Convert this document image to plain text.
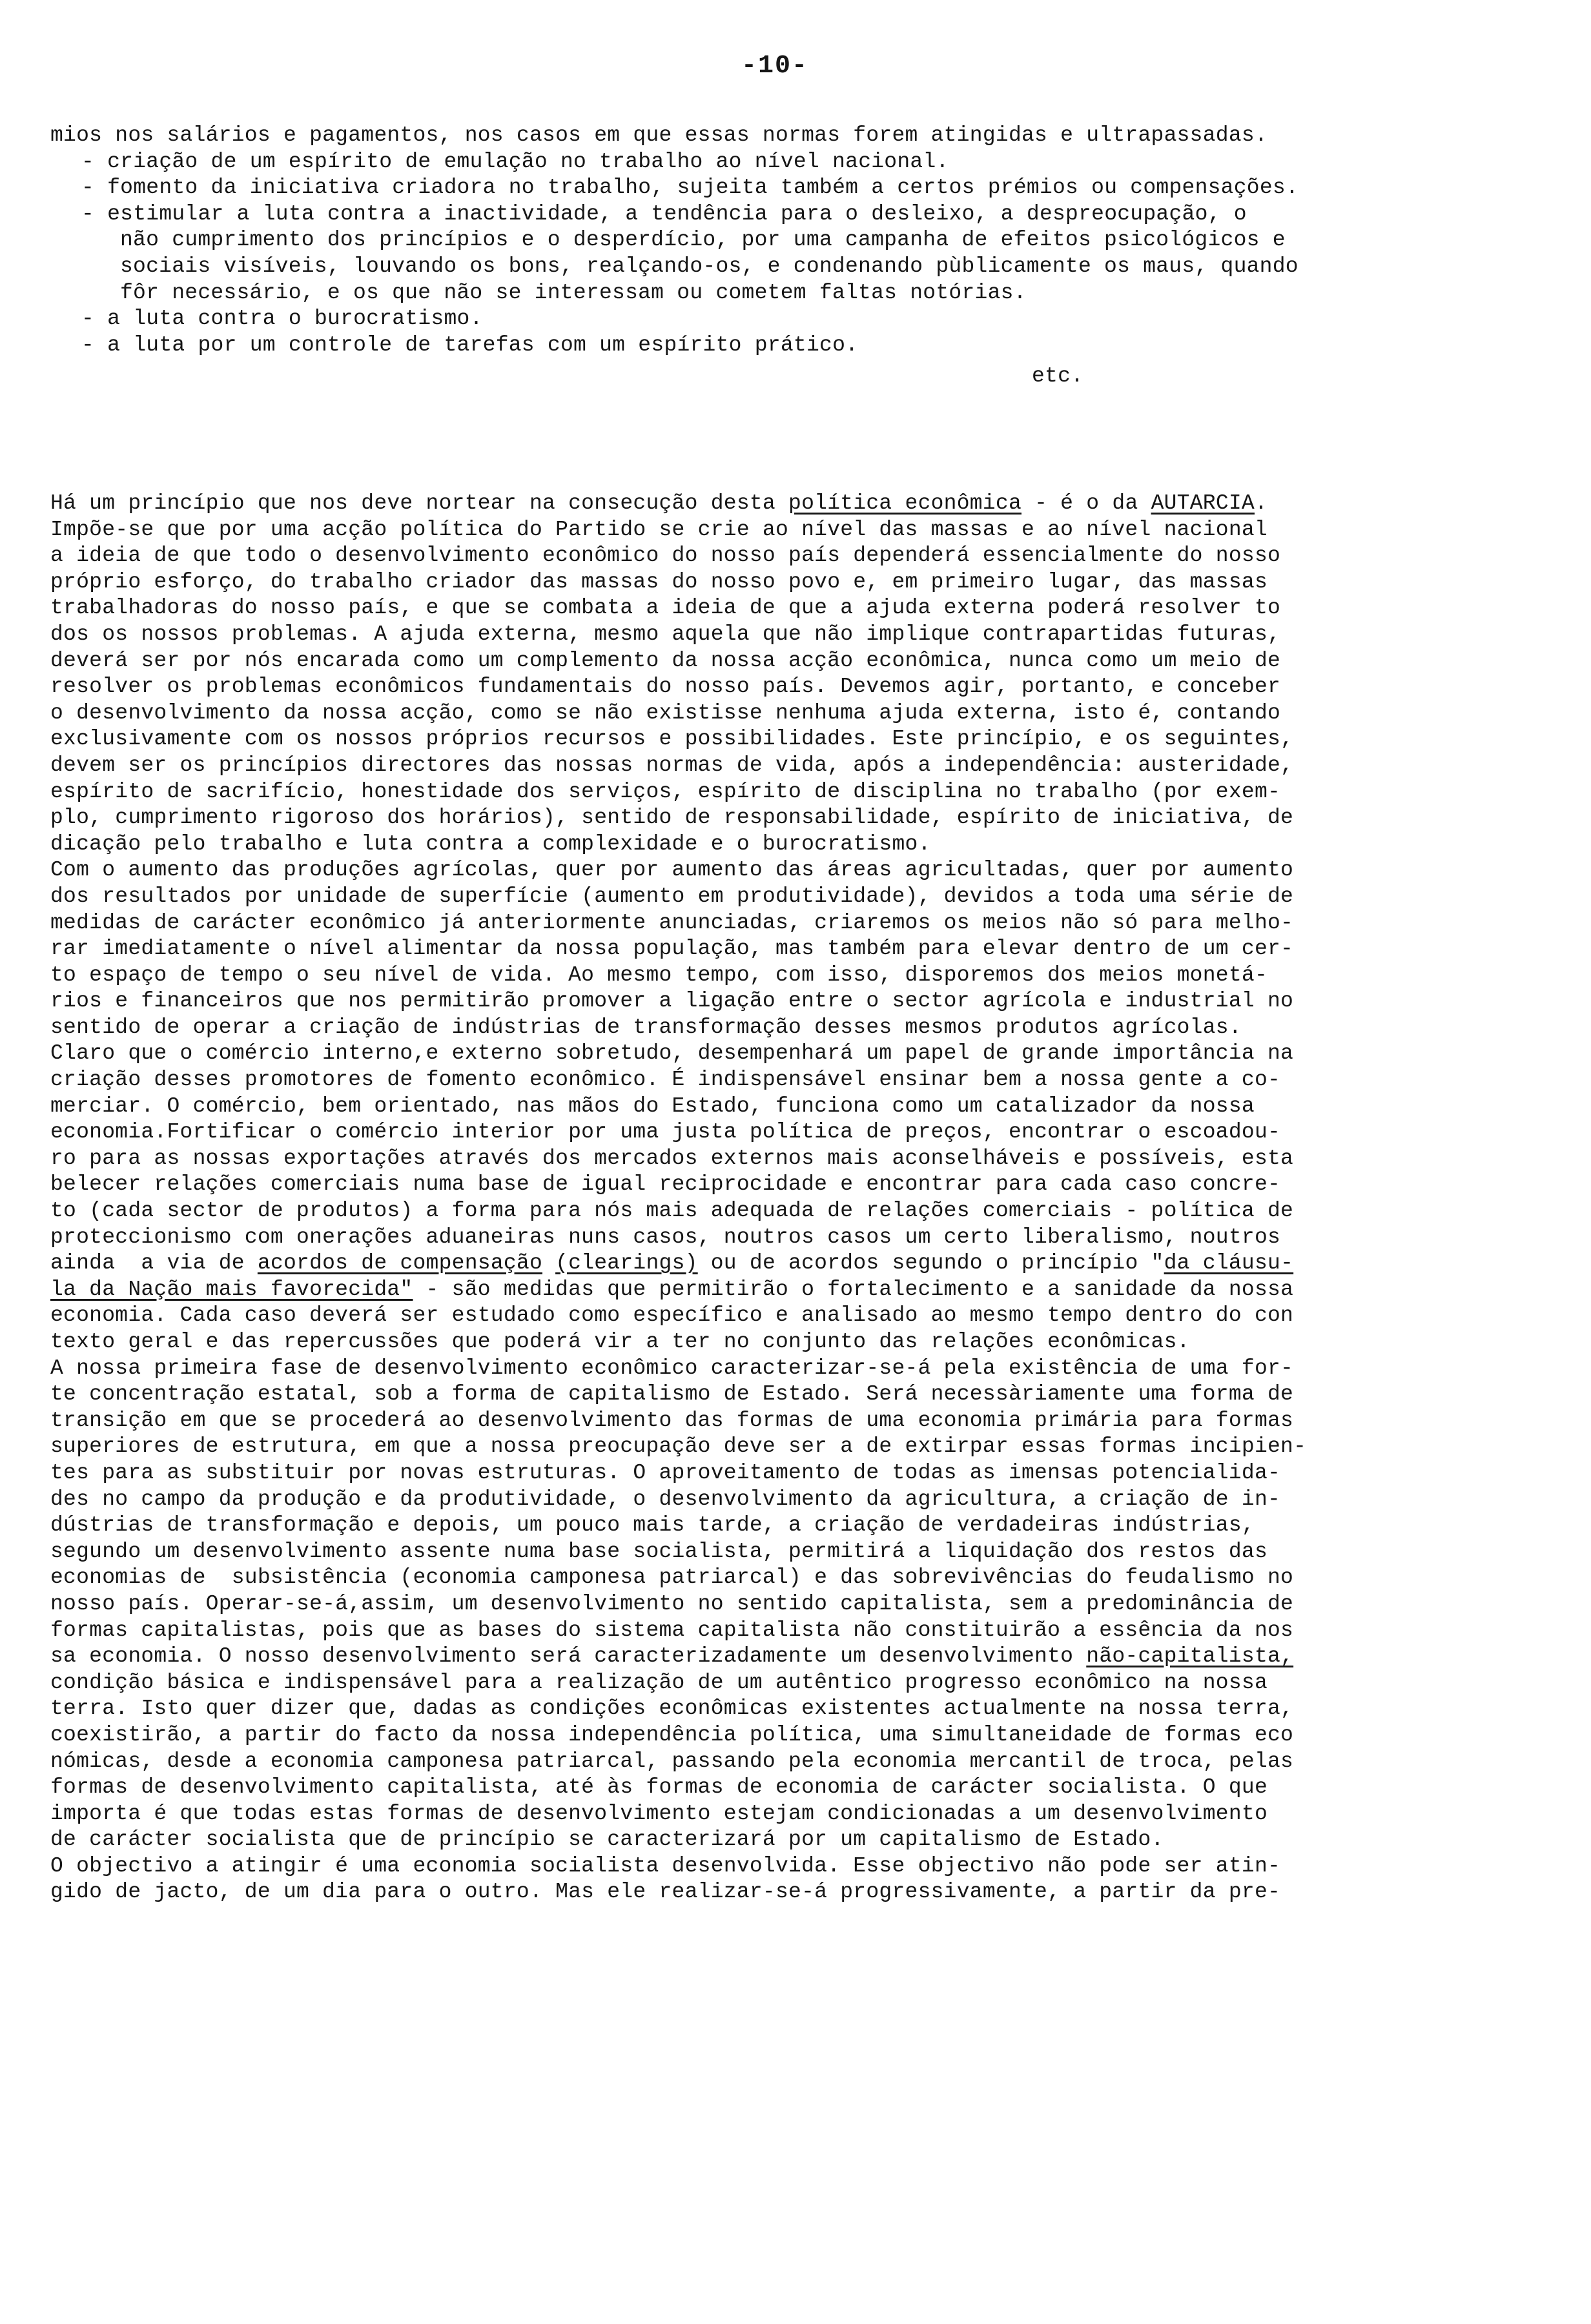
-10-
mios nos salários e pagamentos, nos casos em que essas normas forem atingidas e ultrapassadas.
- criação de um espírito de emulação no trabalho ao nível nacional.
- fomento da iniciativa criadora no trabalho, sujeita também a certos prémios ou compensações.
- estimular a luta contra a inactividade, a tendência para o desleixo, a despreocupação, o
não cumprimento dos princípios e o desperdício, por uma campanha de efeitos psicológicos e
sociais visíveis, louvando os bons, realçando-os, e condenando pùblicamente os maus, quando
fôr necessário, e os que não se interessam ou cometem faltas notórias.
- a luta contra o burocratismo.
- a luta por um controle de tarefas com um espírito prático.
etc.
Há um princípio que nos deve nortear na consecução desta política econômica - é o da AUTARCIA.
Impõe-se que por uma acção política do Partido se crie ao nível das massas e ao nível nacional
a ideia de que todo o desenvolvimento econômico do nosso país dependerá essencialmente do nosso
próprio esforço, do trabalho criador das massas do nosso povo e, em primeiro lugar, das massas
trabalhadoras do nosso país, e que se combata a ideia de que a ajuda externa poderá resolver to
dos os nossos problemas. A ajuda externa, mesmo aquela que não implique contrapartidas futuras,
deverá ser por nós encarada como um complemento da nossa acção econômica, nunca como um meio de
resolver os problemas econômicos fundamentais do nosso país. Devemos agir, portanto, e conceber
o desenvolvimento da nossa acção, como se não existisse nenhuma ajuda externa, isto é, contando
exclusivamente com os nossos próprios recursos e possibilidades. Este princípio, e os seguintes,
devem ser os princípios directores das nossas normas de vida, após a independência: austeridade,
espírito de sacrifício, honestidade dos serviços, espírito de disciplina no trabalho (por exem-
plo, cumprimento rigoroso dos horários), sentido de responsabilidade, espírito de iniciativa, de
dicação pelo trabalho e luta contra a complexidade e o burocratismo.
Com o aumento das produções agrícolas, quer por aumento das áreas agricultadas, quer por aumento
dos resultados por unidade de superfície (aumento em produtividade), devidos a toda uma série de
medidas de carácter econômico já anteriormente anunciadas, criaremos os meios não só para melho-
rar imediatamente o nível alimentar da nossa população, mas também para elevar dentro de um cer-
to espaço de tempo o seu nível de vida. Ao mesmo tempo, com isso, disporemos dos meios monetá-
rios e financeiros que nos permitirão promover a ligação entre o sector agrícola e industrial no
sentido de operar a criação de indústrias de transformação desses mesmos produtos agrícolas.
Claro que o comércio interno,e externo sobretudo, desempenhará um papel de grande importância na
criação desses promotores de fomento econômico. É indispensável ensinar bem a nossa gente a co-
merciar. O comércio, bem orientado, nas mãos do Estado, funciona como um catalizador da nossa
economia.Fortificar o comércio interior por uma justa política de preços, encontrar o escoadou-
ro para as nossas exportações através dos mercados externos mais aconselháveis e possíveis, esta
belecer relações comerciais numa base de igual reciprocidade e encontrar para cada caso concre-
to (cada sector de produtos) a forma para nós mais adequada de relações comerciais - política de
proteccionismo com onerações aduaneiras nuns casos, noutros casos um certo liberalismo, noutros
ainda  a via de acordos de compensação (clearings) ou de acordos segundo o princípio "da cláusu-
la da Nação mais favorecida" - são medidas que permitirão o fortalecimento e a sanidade da nossa
economia. Cada caso deverá ser estudado como específico e analisado ao mesmo tempo dentro do con
texto geral e das repercussões que poderá vir a ter no conjunto das relações econômicas.
A nossa primeira fase de desenvolvimento econômico caracterizar-se-á pela existência de uma for-
te concentração estatal, sob a forma de capitalismo de Estado. Será necessàriamente uma forma de
transição em que se procederá ao desenvolvimento das formas de uma economia primária para formas
superiores de estrutura, em que a nossa preocupação deve ser a de extirpar essas formas incipien-
tes para as substituir por novas estruturas. O aproveitamento de todas as imensas potencialida-
des no campo da produção e da produtividade, o desenvolvimento da agricultura, a criação de in-
dústrias de transformação e depois, um pouco mais tarde, a criação de verdadeiras indústrias,
segundo um desenvolvimento assente numa base socialista, permitirá a liquidação dos restos das
economias de  subsistência (economia camponesa patriarcal) e das sobrevivências do feudalismo no
nosso país. Operar-se-á,assim, um desenvolvimento no sentido capitalista, sem a predominância de
formas capitalistas, pois que as bases do sistema capitalista não constituirão a essência da nos
sa economia. O nosso desenvolvimento será caracterizadamente um desenvolvimento não-capitalista,
condição básica e indispensável para a realização de um autêntico progresso econômico na nossa
terra. Isto quer dizer que, dadas as condições econômicas existentes actualmente na nossa terra,
coexistirão, a partir do facto da nossa independência política, uma simultaneidade de formas eco
nómicas, desde a economia camponesa patriarcal, passando pela economia mercantil de troca, pelas
formas de desenvolvimento capitalista, até às formas de economia de carácter socialista. O que
importa é que todas estas formas de desenvolvimento estejam condicionadas a um desenvolvimento
de carácter socialista que de princípio se caracterizará por um capitalismo de Estado.
O objectivo a atingir é uma economia socialista desenvolvida. Esse objectivo não pode ser atin-
gido de jacto, de um dia para o outro. Mas ele realizar-se-á progressivamente, a partir da pre-
